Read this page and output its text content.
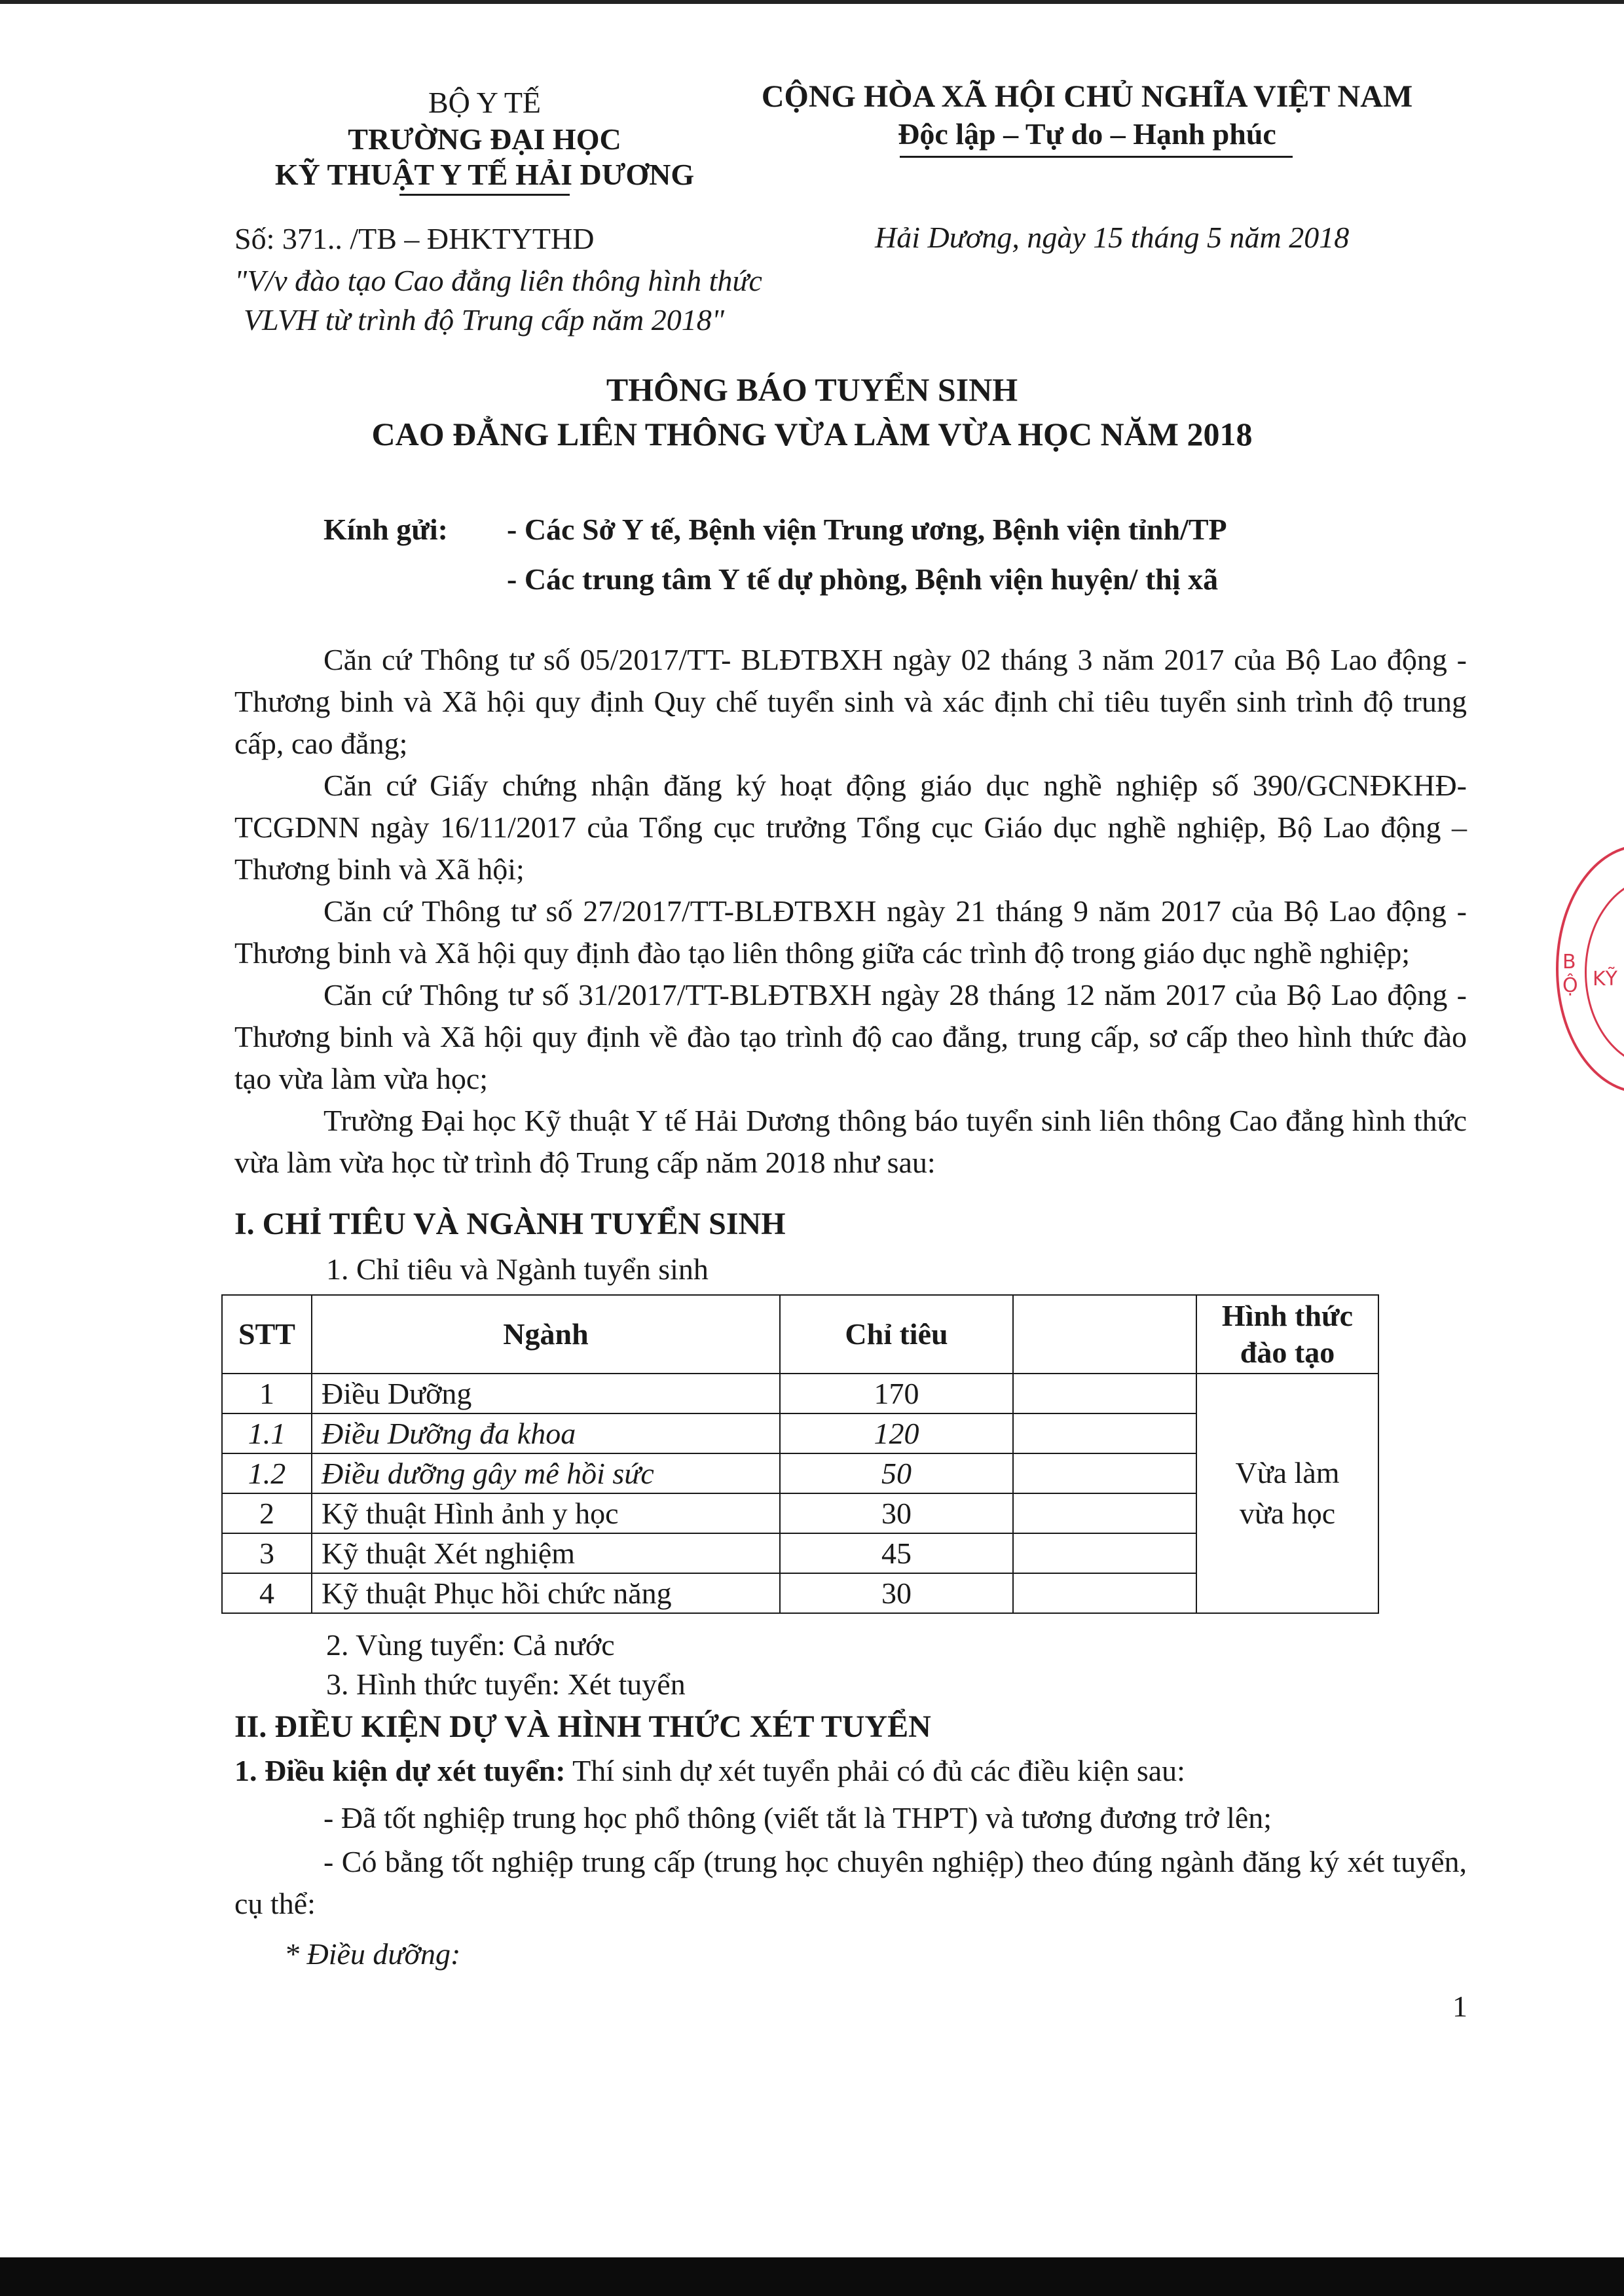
BỘ Y TẾ
TRƯỜNG ĐẠI HỌC
KỸ THUẬT Y TẾ HẢI DƯƠNG
CỘNG HÒA XÃ HỘI CHỦ NGHĨA VIỆT NAM
Độc lập – Tự do – Hạnh phúc
Số: 371.. /TB – ĐHKTYTHD	Hải Dương, ngày 15 tháng 5 năm 2018
"V/v đào tạo Cao đẳng liên thông hình thức
VLVH từ trình độ Trung cấp năm 2018"
THÔNG BÁO TUYỂN SINH
CAO ĐẲNG LIÊN THÔNG VỪA LÀM VỪA HỌC NĂM 2018
Kính gửi: - Các Sở Y tế, Bệnh viện Trung ương, Bệnh viện tỉnh/TP
- Các trung tâm Y tế dự phòng, Bệnh viện huyện/ thị xã

Căn cứ Thông tư số 05/2017/TT- BLĐTBXH ngày 02 tháng 3 năm 2017 của Bộ Lao động - Thương binh và Xã hội quy định Quy chế tuyển sinh và xác định chỉ tiêu tuyển sinh trình độ trung cấp, cao đẳng;

Căn cứ Giấy chứng nhận đăng ký hoạt động giáo dục nghề nghiệp số 390/GCNĐKHĐ-TCGDNN ngày 16/11/2017 của Tổng cục trưởng Tổng cục Giáo dục nghề nghiệp, Bộ Lao động – Thương binh và Xã hội;

Căn cứ Thông tư số 27/2017/TT-BLĐTBXH ngày 21 tháng 9 năm 2017 của Bộ Lao động - Thương binh và Xã hội quy định đào tạo liên thông giữa các trình độ trong giáo dục nghề nghiệp;

Căn cứ Thông tư số 31/2017/TT-BLĐTBXH ngày 28 tháng 12 năm 2017 của Bộ Lao động - Thương binh và Xã hội quy định về đào tạo trình độ cao đẳng, trung cấp, sơ cấp theo hình thức đào tạo vừa làm vừa học;

Trường Đại học Kỹ thuật Y tế Hải Dương thông báo tuyển sinh liên thông Cao đẳng hình thức vừa làm vừa học từ trình độ Trung cấp năm 2018 như sau:

I. CHỈ TIÊU VÀ NGÀNH TUYỂN SINH
1. Chỉ tiêu và Ngành tuyển sinh
STT	Ngành	Chỉ tiêu		Hình thức đào tạo
1	Điều Dưỡng	170		Vừa làm
vừa học

1.1	Điều Dưỡng đa khoa	120		
1.2	Điều dưỡng gây mê hồi sức	50		
2	Kỹ thuật Hình ảnh y học	30		
3	Kỹ thuật Xét nghiệm	45		
4	Kỹ thuật Phục hồi chức năng	30		
2. Vùng tuyển: Cả nước
3. Hình thức tuyển: Xét tuyển
II. ĐIỀU KIỆN DỰ VÀ HÌNH THỨC XÉT TUYỂN
1. Điều kiện dự xét tuyển: Thí sinh dự xét tuyển phải có đủ các điều kiện sau:
- Đã tốt nghiệp trung học phổ thông (viết tắt là THPT) và tương đương trở lên;

- Có bằng tốt nghiệp trung cấp (trung học chuyên nghiệp) theo đúng ngành đăng ký xét tuyển, cụ thể:

* Điều dưỡng:
1
KỸ
B Ộ
